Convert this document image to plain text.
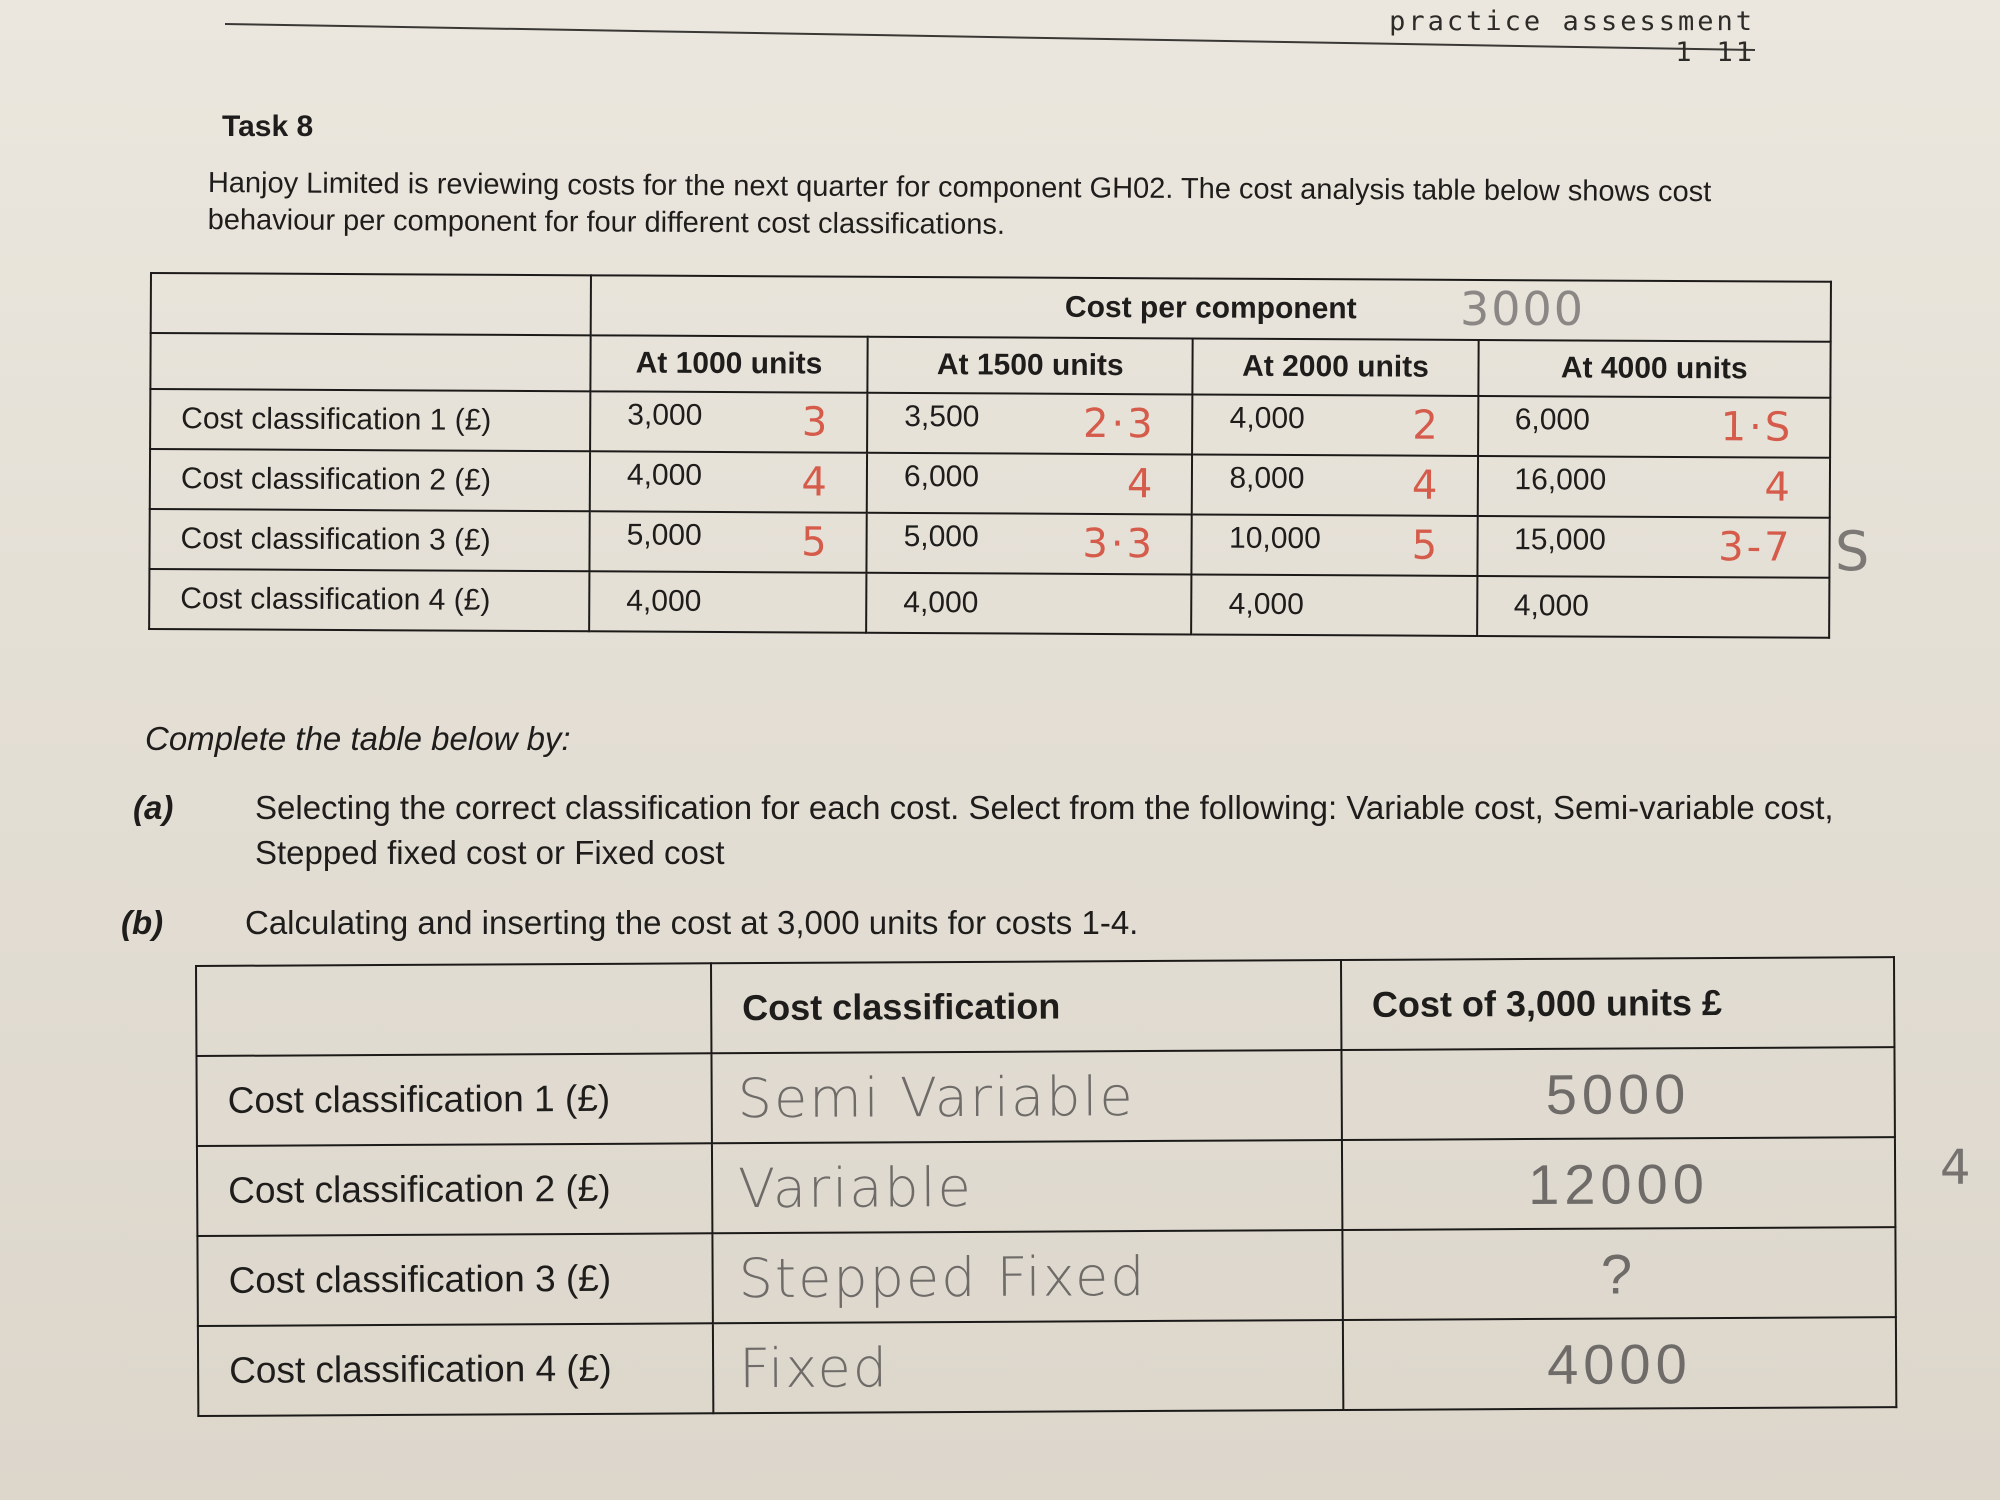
practice assessment 1 11
Task 8
Hanjoy Limited is reviewing costs for the next quarter for component GH02. The cost analysis table below shows cost behaviour per component for four different cost classifications.
3000
	Cost per component			
	At 1000 units	At 1500 units	At 2000 units	At 4000 units
Cost classification 1 (£)	3,000 3	3,500 2·3	4,000 2	6,000 1·S

Cost classification 2 (£)	4,000 4	6,000 4	8,000 4	16,000 4

Cost classification 3 (£)	5,000 5	5,000 3·3	10,000 5	15,000 3-7

Cost classification 4 (£)	4,000	4,000	4,000	4,000
S
Complete the table below by:
(a) Selecting the correct classification for each cost. Select from the following: Variable cost, Semi-variable cost, Stepped fixed cost or Fixed cost
(b) Calculating and inserting the cost at 3,000 units for costs 1-4.
	Cost classification	Cost of 3,000 units £
Cost classification 1 (£)	Semi Variable	5000
Cost classification 2 (£)	Variable	12000
Cost classification 3 (£)	Stepped Fixed	?
Cost classification 4 (£)	Fixed	4000
4
